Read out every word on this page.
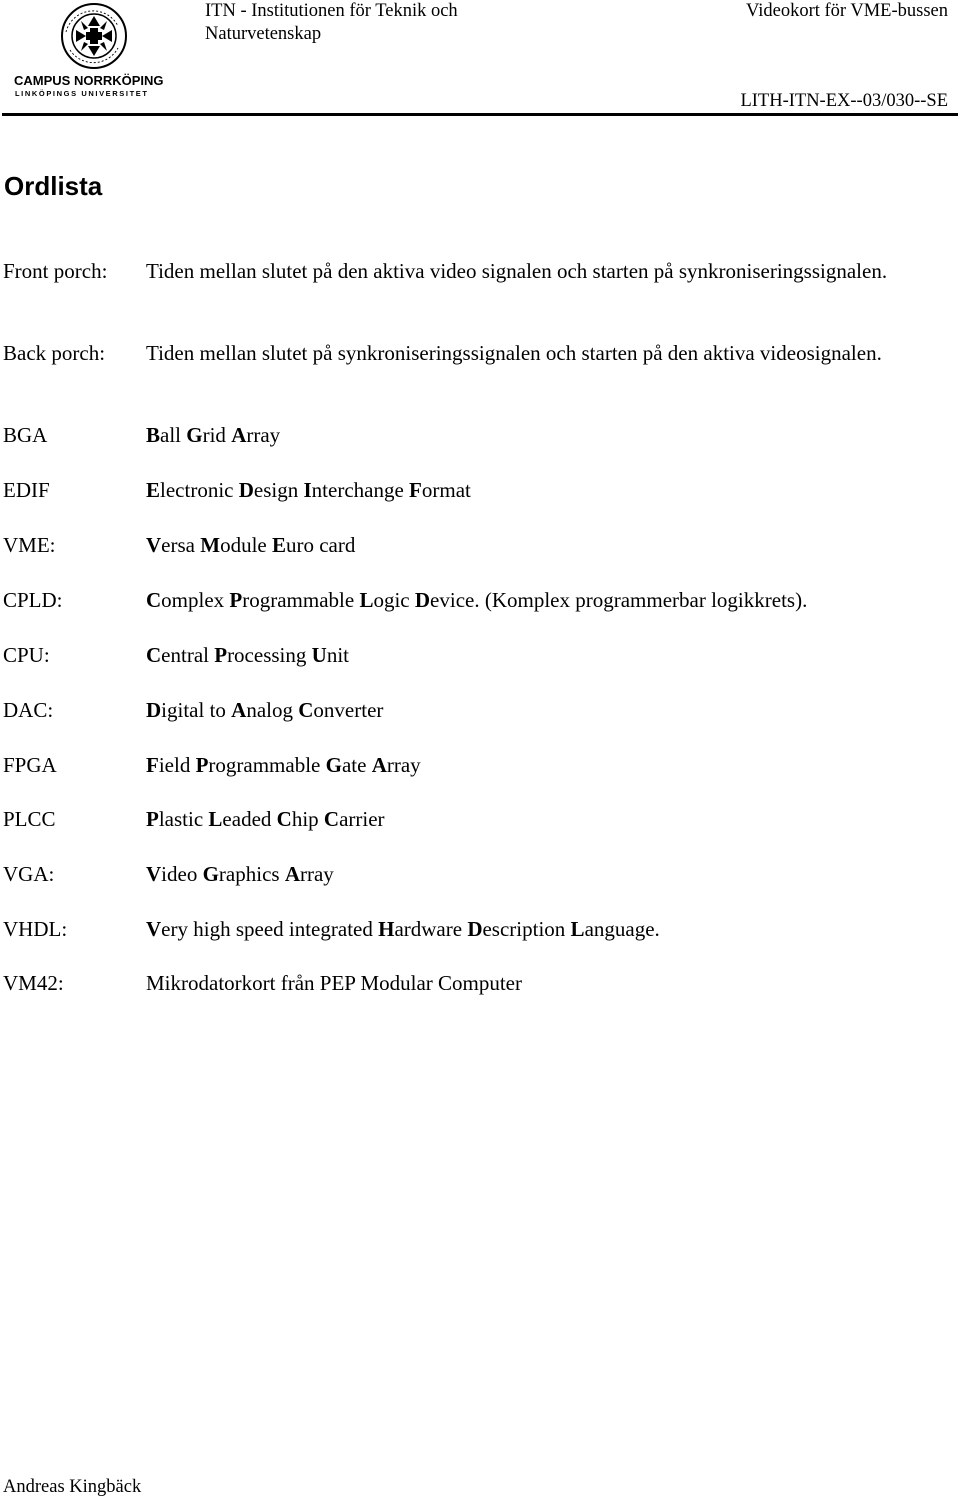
CAMPUS NORRKÖPING
LINKÖPINGS UNIVERSITET
ITN - Institutionen för Teknik och
Naturvetenskap
Videokort för VME-bussen
LITH-ITN-EX--03/030--SE
Ordlista
Front porch: Tiden mellan slutet på den aktiva video signalen och starten på synkroniseringssignalen.
Back porch: Tiden mellan slutet på synkroniseringssignalen och starten på den aktiva videosignalen.
BGA	Ball Grid Array
EDIF	Electronic Design Interchange Format
VME:	Versa Module Euro card
CPLD:	Complex Programmable Logic Device. (Komplex programmerbar logikkrets).
CPU:	Central Processing Unit
DAC:	Digital to Analog Converter
FPGA	Field Programmable Gate Array
PLCC	Plastic Leaded Chip Carrier
VGA:	Video Graphics Array
VHDL:	Very high speed integrated Hardware Description Language.
VM42:	Mikrodatorkort från PEP Modular Computer
Andreas Kingbäck
